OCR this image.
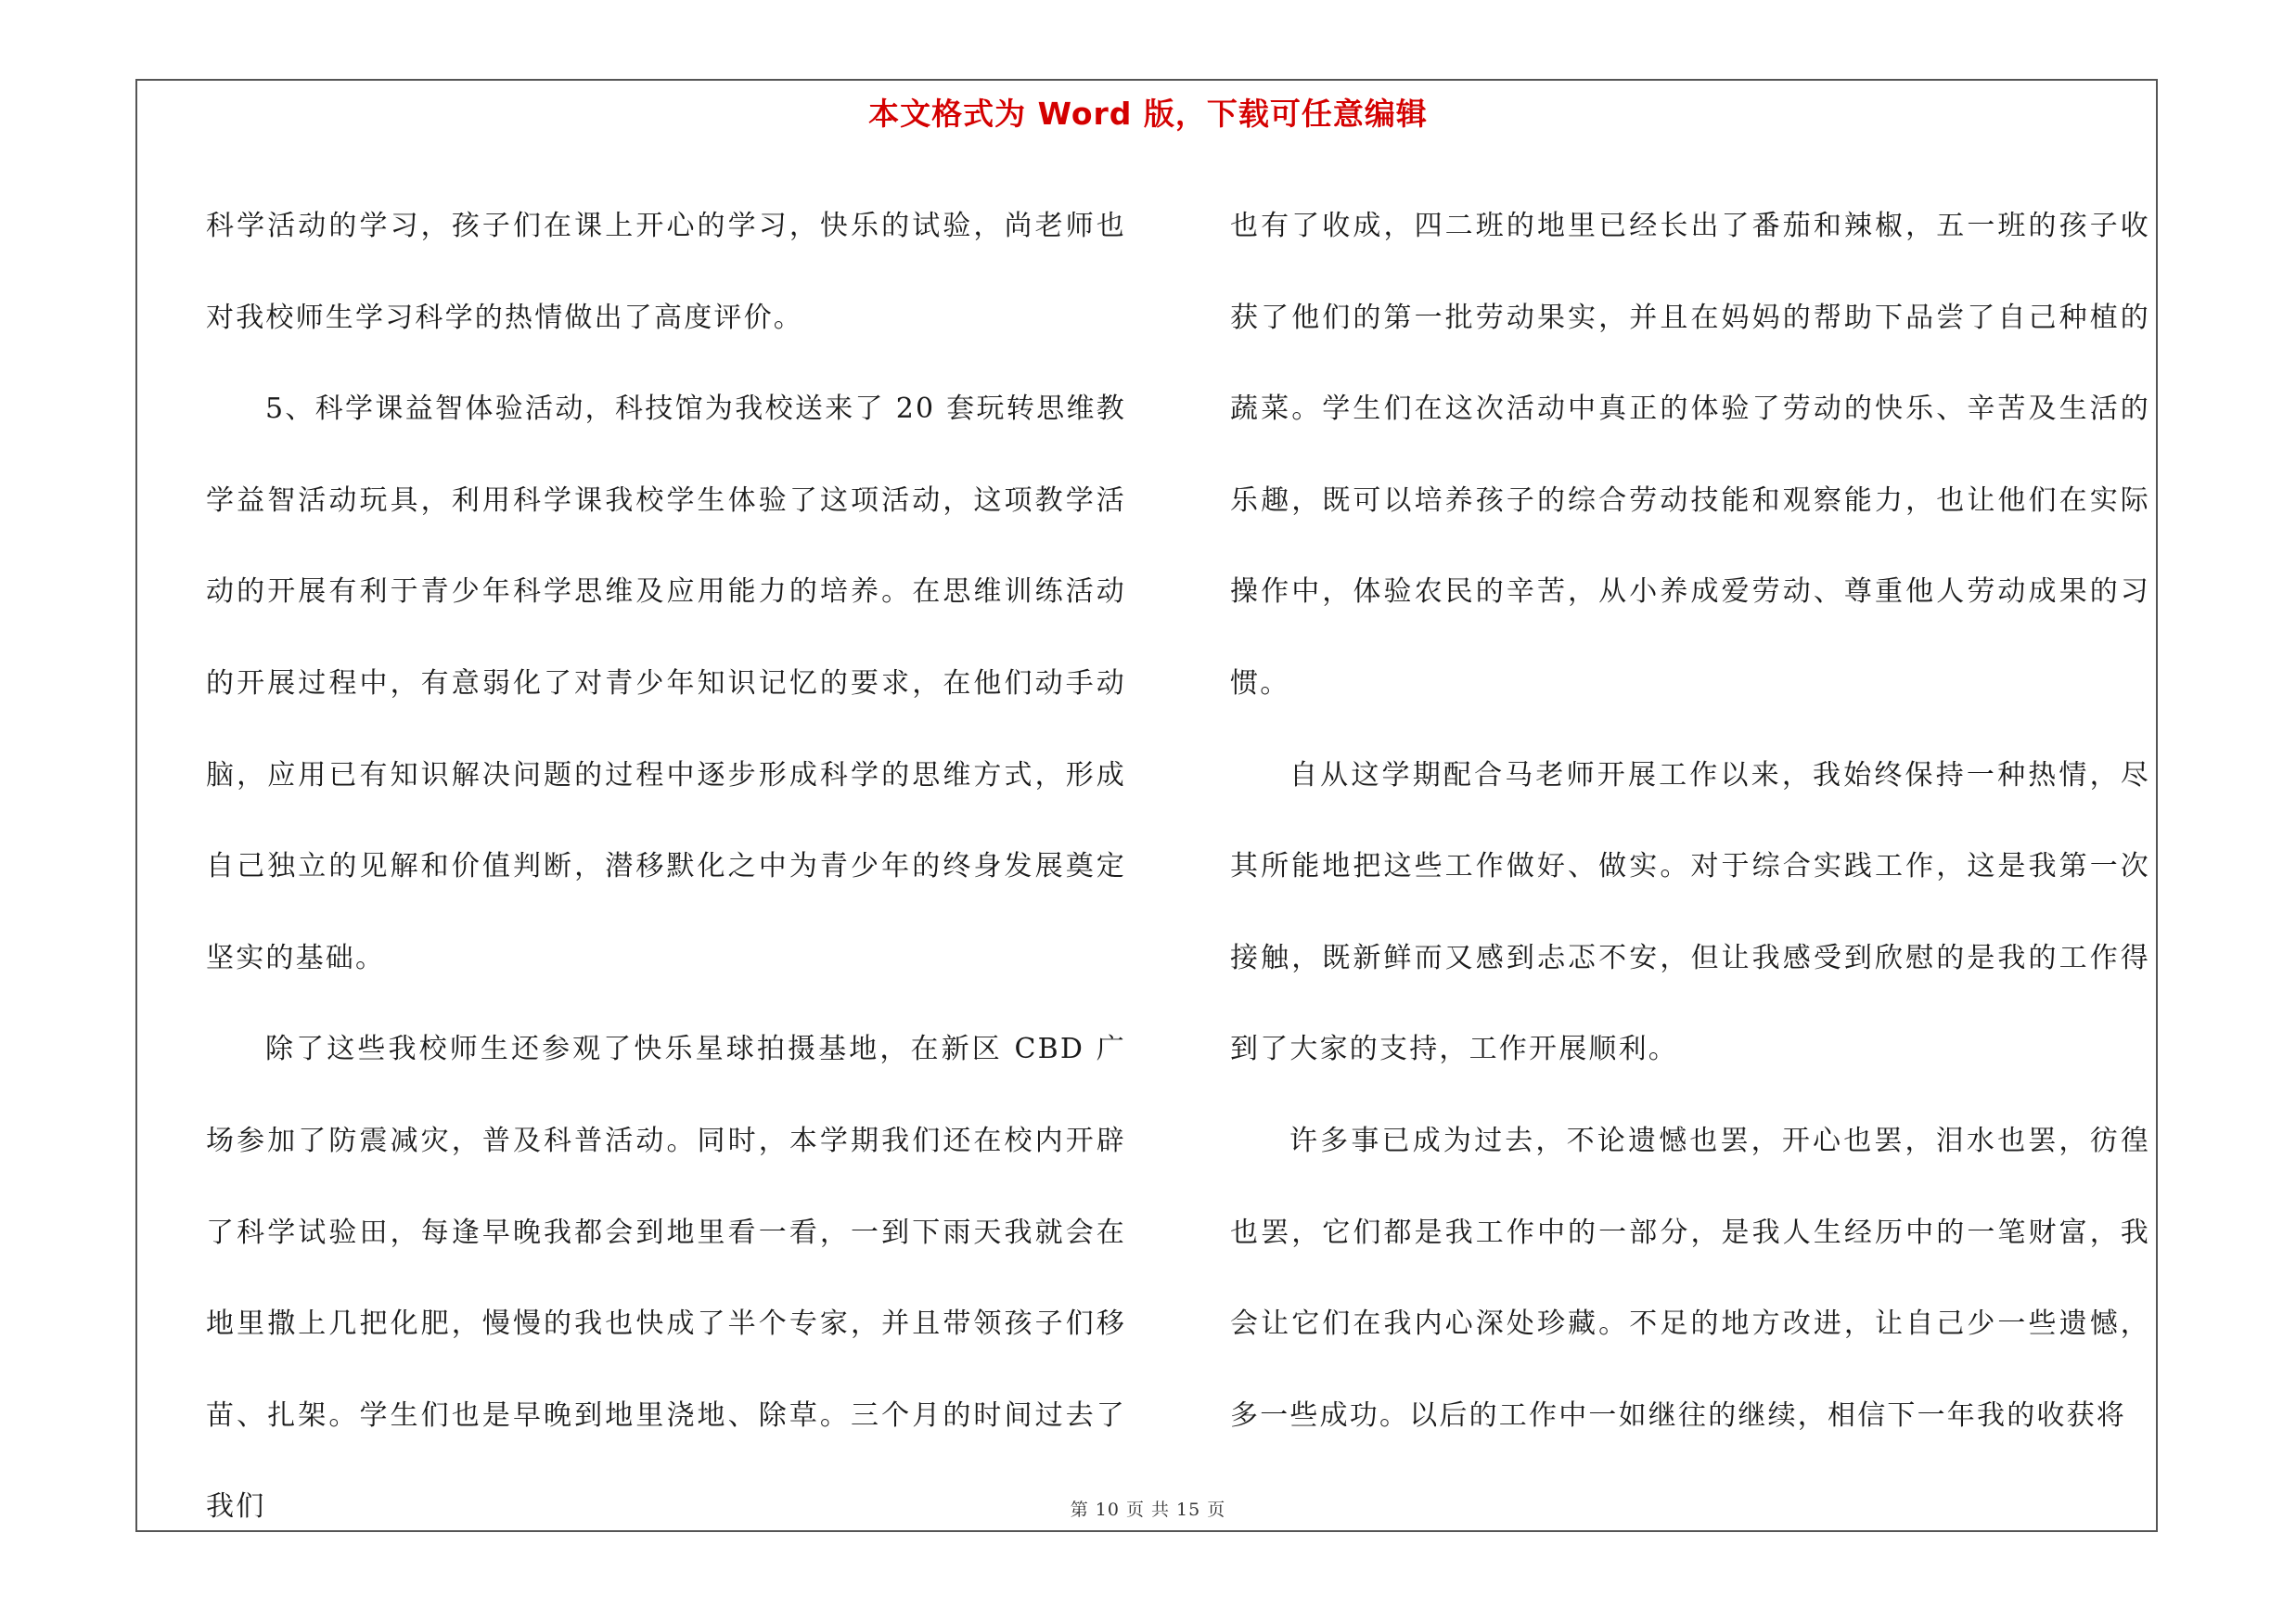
本文格式为 Word 版，下载可任意编辑

科学活动的学习，孩子们在课上开心的学习，快乐的试验，尚老师也对我校师生学习科学的热情做出了高度评价。

5、科学课益智体验活动，科技馆为我校送来了 20 套玩转思维教学益智活动玩具，利用科学课我校学生体验了这项活动，这项教学活动的开展有利于青少年科学思维及应用能力的培养。在思维训练活动的开展过程中，有意弱化了对青少年知识记忆的要求，在他们动手动脑，应用已有知识解决问题的过程中逐步形成科学的思维方式，形成自己独立的见解和价值判断，潜移默化之中为青少年的终身发展奠定坚实的基础。

除了这些我校师生还参观了快乐星球拍摄基地，在新区 CBD 广场参加了防震减灾，普及科普活动。同时，本学期我们还在校内开辟了科学试验田，每逢早晚我都会到地里看一看，一到下雨天我就会在地里撒上几把化肥，慢慢的我也快成了半个专家，并且带领孩子们移苗、扎架。学生们也是早晚到地里浇地、除草。三个月的时间过去了我们

也有了收成，四二班的地里已经长出了番茄和辣椒，五一班的孩子收获了他们的第一批劳动果实，并且在妈妈的帮助下品尝了自己种植的蔬菜。学生们在这次活动中真正的体验了劳动的快乐、辛苦及生活的乐趣，既可以培养孩子的综合劳动技能和观察能力，也让他们在实际操作中，体验农民的辛苦，从小养成爱劳动、尊重他人劳动成果的习惯。

自从这学期配合马老师开展工作以来，我始终保持一种热情，尽其所能地把这些工作做好、做实。对于综合实践工作，这是我第一次接触，既新鲜而又感到忐忑不安，但让我感受到欣慰的是我的工作得到了大家的支持，工作开展顺利。

许多事已成为过去，不论遗憾也罢，开心也罢，泪水也罢，彷徨也罢，它们都是我工作中的一部分，是我人生经历中的一笔财富，我会让它们在我内心深处珍藏。不足的地方改进，让自己少一些遗憾，多一些成功。以后的工作中一如继往的继续，相信下一年我的收获将

第 10 页 共 15 页
